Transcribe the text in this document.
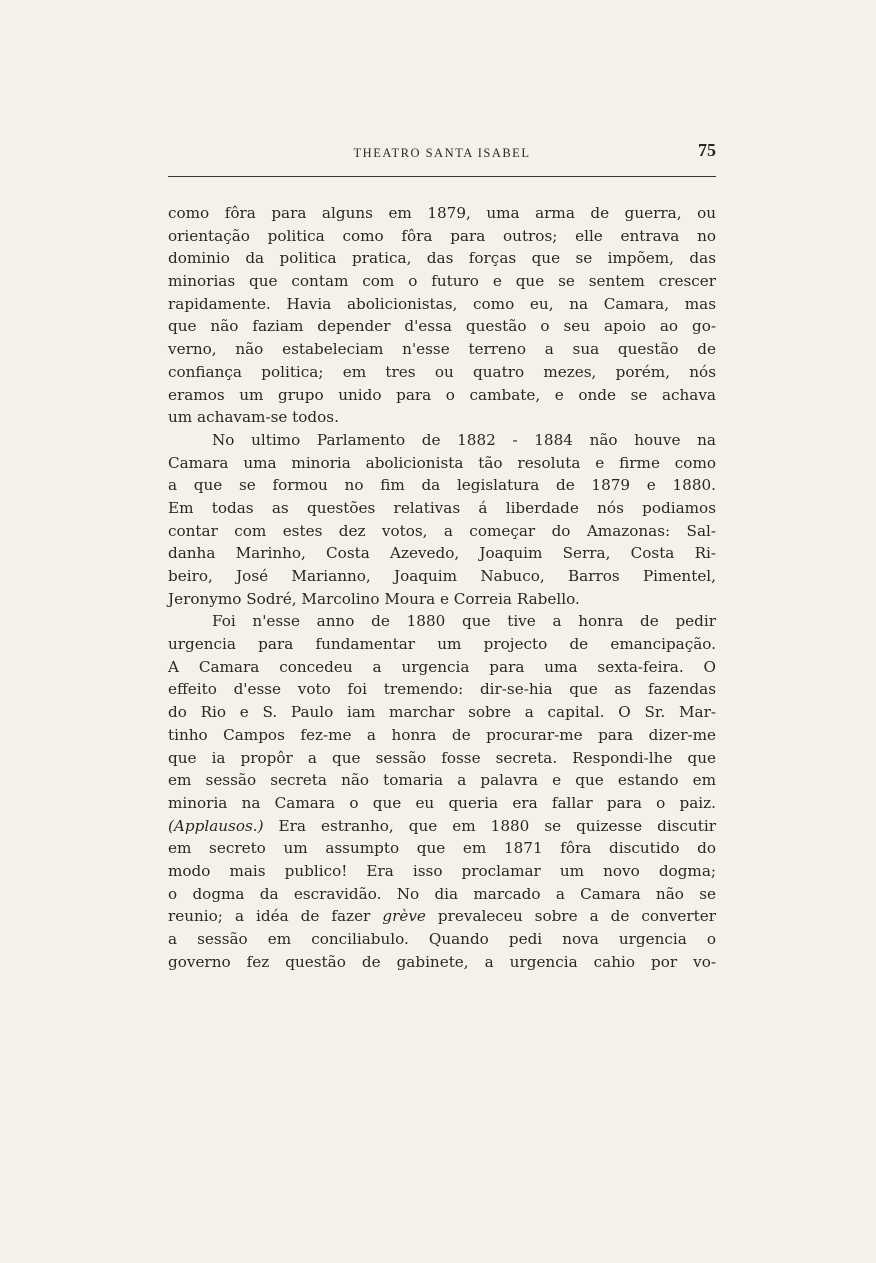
THEATRO SANTA ISABEL	75
como fôra para alguns em 1879, uma arma de guerra, ou
orientação politica como fôra para outros; elle entrava no
dominio da politica pratica, das forças que se impõem, das
minorias que contam com o futuro e que se sentem crescer
rapidamente. Havia abolicionistas, como eu, na Camara, mas
que não faziam depender d'essa questão o seu apoio ao go-
verno, não estabeleciam n'esse terreno a sua questão de
confiança politica; em tres ou quatro mezes, porém, nós
eramos um grupo unido para o cambate, e onde se achava
um achavam-se todos.
No ultimo Parlamento de 1882 - 1884 não houve na
Camara uma minoria abolicionista tão resoluta e firme como
a que se formou no fim da legislatura de 1879 e 1880.
Em todas as questões relativas á liberdade nós podiamos
contar com estes dez votos, a começar do Amazonas: Sal-
danha Marinho, Costa Azevedo, Joaquim Serra, Costa Ri-
beiro, José Marianno, Joaquim Nabuco, Barros Pimentel,
Jeronymo Sodré, Marcolino Moura e Correia Rabello.
Foi n'esse anno de 1880 que tive a honra de pedir
urgencia para fundamentar um projecto de emancipação.
A Camara concedeu a urgencia para uma sexta-feira. O
effeito d'esse voto foi tremendo: dir-se-hia que as fazendas
do Rio e S. Paulo iam marchar sobre a capital. O Sr. Mar-
tinho Campos fez-me a honra de procurar-me para dizer-me
que ia propôr a que sessão fosse secreta. Respondi-lhe que
em sessão secreta não tomaria a palavra e que estando em
minoria na Camara o que eu queria era fallar para o paiz.
(Applausos.) Era estranho, que em 1880 se quizesse discutir
em secreto um assumpto que em 1871 fôra discutido do
modo mais publico! Era isso proclamar um novo dogma;
o dogma da escravidão. No dia marcado a Camara não se
reunio; a idéa de fazer grève prevaleceu sobre a de converter
a sessão em conciliabulo. Quando pedi nova urgencia o
governo fez questão de gabinete, a urgencia cahio por vo-
